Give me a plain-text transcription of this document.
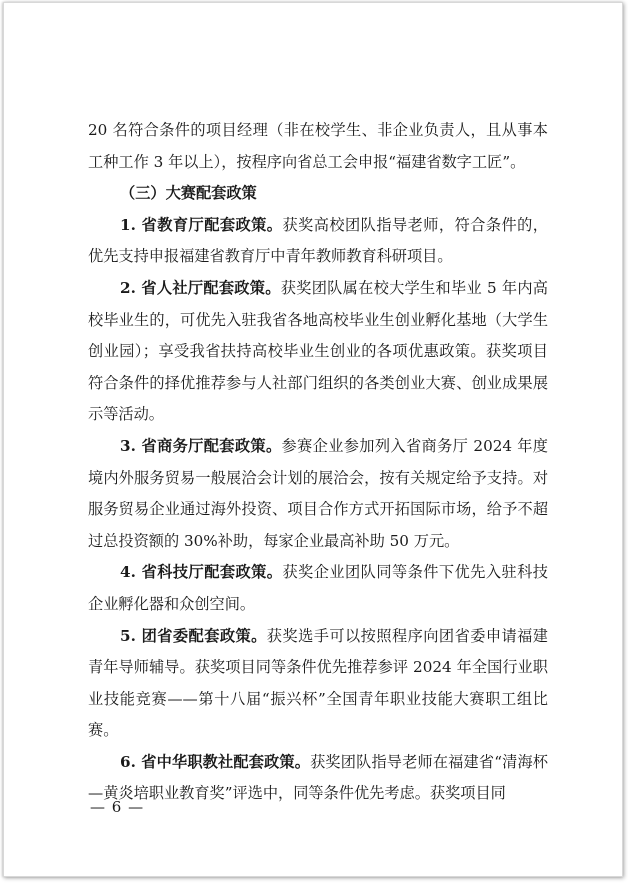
20 名符合条件的项目经理（非在校学生、非企业负责人，且从事本工种工作 3 年以上），按程序向省总工会申报“福建省数字工匠”。

（三）大赛配套政策

1. 省教育厅配套政策。获奖高校团队指导老师，符合条件的，优先支持申报福建省教育厅中青年教师教育科研项目。

2. 省人社厅配套政策。获奖团队属在校大学生和毕业 5 年内高校毕业生的，可优先入驻我省各地高校毕业生创业孵化基地（大学生创业园）；享受我省扶持高校毕业生创业的各项优惠政策。获奖项目符合条件的择优推荐参与人社部门组织的各类创业大赛、创业成果展示等活动。

3. 省商务厅配套政策。参赛企业参加列入省商务厅 2024 年度境内外服务贸易一般展洽会计划的展洽会，按有关规定给予支持。对服务贸易企业通过海外投资、项目合作方式开拓国际市场，给予不超过总投资额的 30%补助，每家企业最高补助 50 万元。

4. 省科技厅配套政策。获奖企业团队同等条件下优先入驻科技企业孵化器和众创空间。

5. 团省委配套政策。获奖选手可以按照程序向团省委申请福建青年导师辅导。获奖项目同等条件优先推荐参评 2024 年全国行业职业技能竞赛——第十八届“振兴杯”全国青年职业技能大赛职工组比赛。

6. 省中华职教社配套政策。获奖团队指导老师在福建省“清海杯—黄炎培职业教育奖”评选中，同等条件优先考虑。获奖项目同

— 6 —
